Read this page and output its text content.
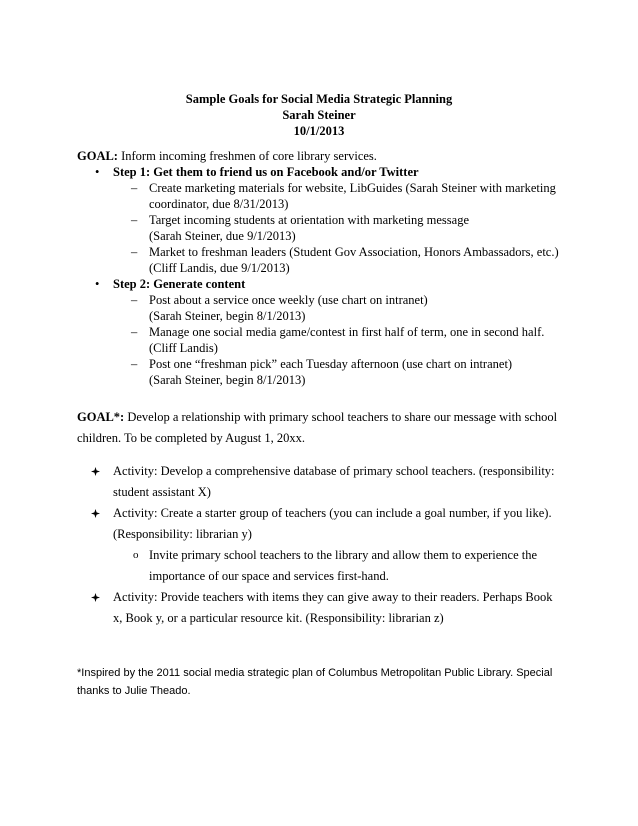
Sample Goals for Social Media Strategic Planning
Sarah Steiner
10/1/2013
GOAL: Inform incoming freshmen of core library services.
• Step 1: Get them to friend us on Facebook and/or Twitter
– Create marketing materials for website, LibGuides (Sarah Steiner with marketing
coordinator, due 8/31/2013)
– Target incoming students at orientation with marketing message
(Sarah Steiner, due 9/1/2013)
– Market to freshman leaders (Student Gov Association, Honors Ambassadors, etc.)
(Cliff Landis, due 9/1/2013)
• Step 2: Generate content
– Post about a service once weekly (use chart on intranet)
(Sarah Steiner, begin 8/1/2013)
– Manage one social media game/contest in first half of term, one in second half.
(Cliff Landis)
– Post one “freshman pick” each Tuesday afternoon (use chart on intranet)
(Sarah Steiner, begin 8/1/2013)
GOAL*: Develop a relationship with primary school teachers to share our message with school
children. To be completed by August 1, 20xx.
Activity: Develop a comprehensive database of primary school teachers. (responsibility:
student assistant X)
Activity: Create a starter group of teachers (you can include a goal number, if you like).
(Responsibility: librarian y)
o Invite primary school teachers to the library and allow them to experience the
importance of our space and services first-hand.
Activity: Provide teachers with items they can give away to their readers. Perhaps Book
x, Book y, or a particular resource kit. (Responsibility: librarian z)
*Inspired by the 2011 social media strategic plan of Columbus Metropolitan Public Library. Special
thanks to Julie Theado.
